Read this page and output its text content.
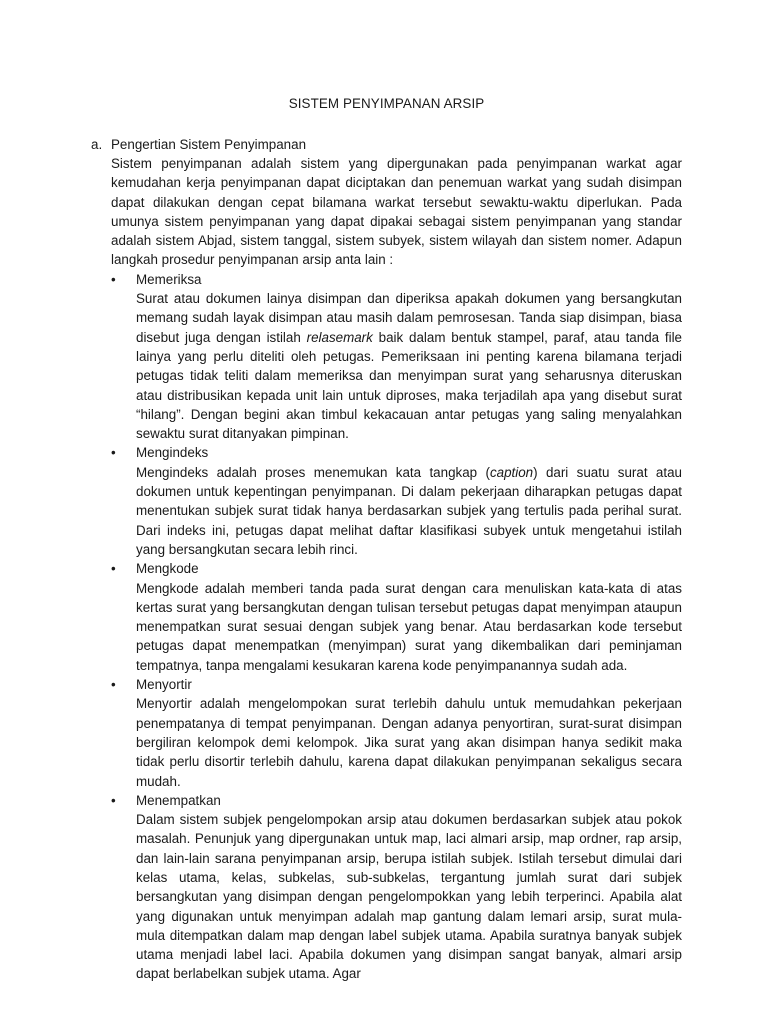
SISTEM PENYIMPANAN ARSIP
a. Pengertian Sistem Penyimpanan

Sistem penyimpanan adalah sistem yang dipergunakan pada penyimpanan warkat agar kemudahan kerja penyimpanan dapat diciptakan dan penemuan warkat yang sudah disimpan dapat dilakukan dengan cepat bilamana warkat tersebut sewaktu-waktu diperlukan. Pada umunya sistem penyimpanan yang dapat dipakai sebagai sistem penyimpanan yang standar adalah sistem Abjad, sistem tanggal, sistem subyek, sistem wilayah dan sistem nomer. Adapun langkah prosedur penyimpanan arsip anta lain :

•	Memeriksa

Surat atau dokumen lainya disimpan dan diperiksa apakah dokumen yang bersangkutan memang sudah layak disimpan atau masih dalam pemrosesan. Tanda siap disimpan, biasa disebut juga dengan istilah relasemark baik dalam bentuk stampel, paraf, atau tanda file lainya yang perlu diteliti oleh petugas. Pemeriksaan ini penting karena bilamana terjadi petugas tidak teliti dalam memeriksa dan menyimpan surat yang seharusnya diteruskan atau distribusikan kepada unit lain untuk diproses, maka terjadilah apa yang disebut surat “hilang”. Dengan begini akan timbul kekacauan antar petugas yang saling menyalahkan sewaktu surat ditanyakan pimpinan.

•	Mengindeks

Mengindeks adalah proses menemukan kata tangkap (caption) dari suatu surat atau dokumen untuk kepentingan penyimpanan. Di dalam pekerjaan diharapkan petugas dapat menentukan subjek surat tidak hanya berdasarkan subjek yang tertulis pada perihal surat. Dari indeks ini, petugas dapat melihat daftar klasifikasi subyek untuk mengetahui istilah yang bersangkutan secara lebih rinci.

•	Mengkode

Mengkode adalah memberi tanda pada surat dengan cara menuliskan kata-kata di atas kertas surat yang bersangkutan dengan tulisan tersebut petugas dapat menyimpan ataupun menempatkan surat sesuai dengan subjek yang benar. Atau berdasarkan kode tersebut petugas dapat menempatkan (menyimpan) surat yang dikembalikan dari peminjaman tempatnya, tanpa mengalami kesukaran karena kode penyimpanannya sudah ada.

•	Menyortir

Menyortir adalah mengelompokan surat terlebih dahulu untuk memudahkan pekerjaan penempatanya di tempat penyimpanan. Dengan adanya penyortiran, surat-surat disimpan bergiliran kelompok demi kelompok. Jika surat yang akan disimpan hanya sedikit maka tidak perlu disortir terlebih dahulu, karena dapat dilakukan penyimpanan sekaligus secara mudah.

•	Menempatkan

Dalam sistem subjek pengelompokan arsip atau dokumen berdasarkan subjek atau pokok masalah. Penunjuk yang dipergunakan untuk map, laci almari arsip, map ordner, rap arsip, dan lain-lain sarana penyimpanan arsip, berupa istilah subjek. Istilah tersebut dimulai dari kelas utama, kelas, subkelas, sub-subkelas, tergantung jumlah surat dari subjek bersangkutan yang disimpan dengan pengelompokkan yang lebih terperinci. Apabila alat yang digunakan untuk menyimpan adalah map gantung dalam lemari arsip, surat mula-mula ditempatkan dalam map dengan label subjek utama. Apabila suratnya banyak subjek utama menjadi label laci. Apabila dokumen yang disimpan sangat banyak, almari arsip dapat berlabelkan subjek utama. Agar
